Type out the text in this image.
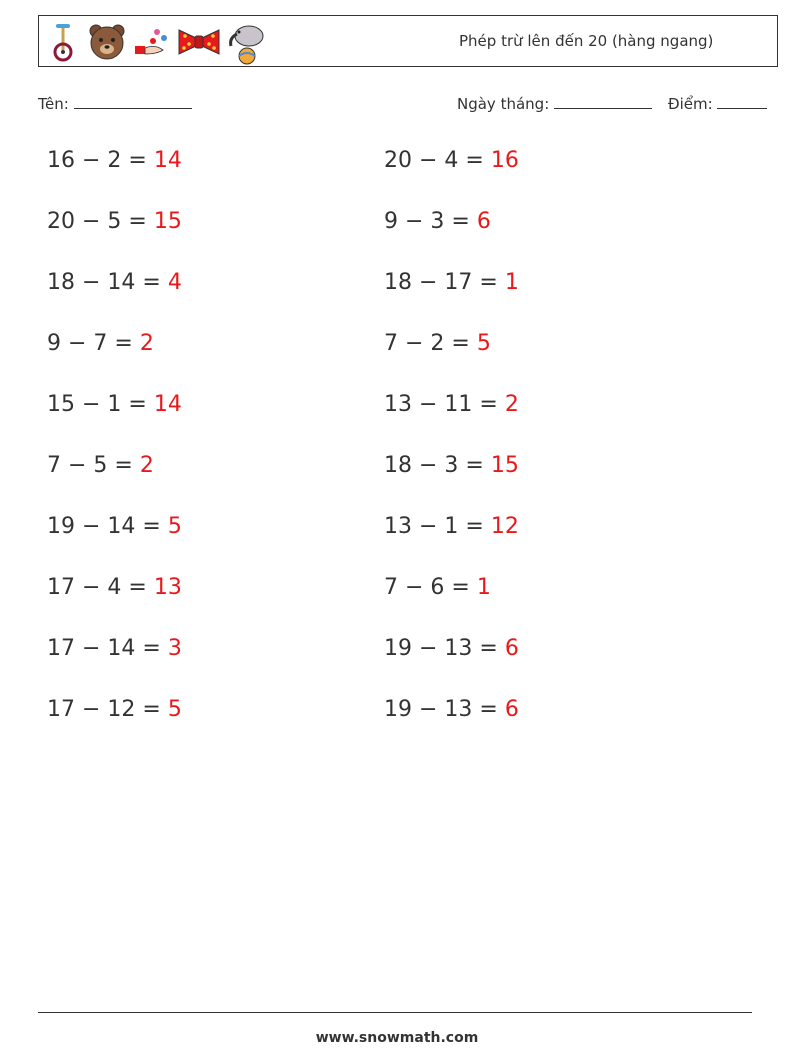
Phép trừ lên đến 20 (hàng ngang)
Tên:	Ngày tháng:	Điểm:
16 − 2 = 14	20 − 4 = 16
20 − 5 = 15	9 − 3 = 6
18 − 14 = 4	18 − 17 = 1
9 − 7 = 2	7 − 2 = 5
15 − 1 = 14	13 − 11 = 2
7 − 5 = 2	18 − 3 = 15
19 − 14 = 5	13 − 1 = 12
17 − 4 = 13	7 − 6 = 1
17 − 14 = 3	19 − 13 = 6
17 − 12 = 5	19 − 13 = 6
www.snowmath.com
